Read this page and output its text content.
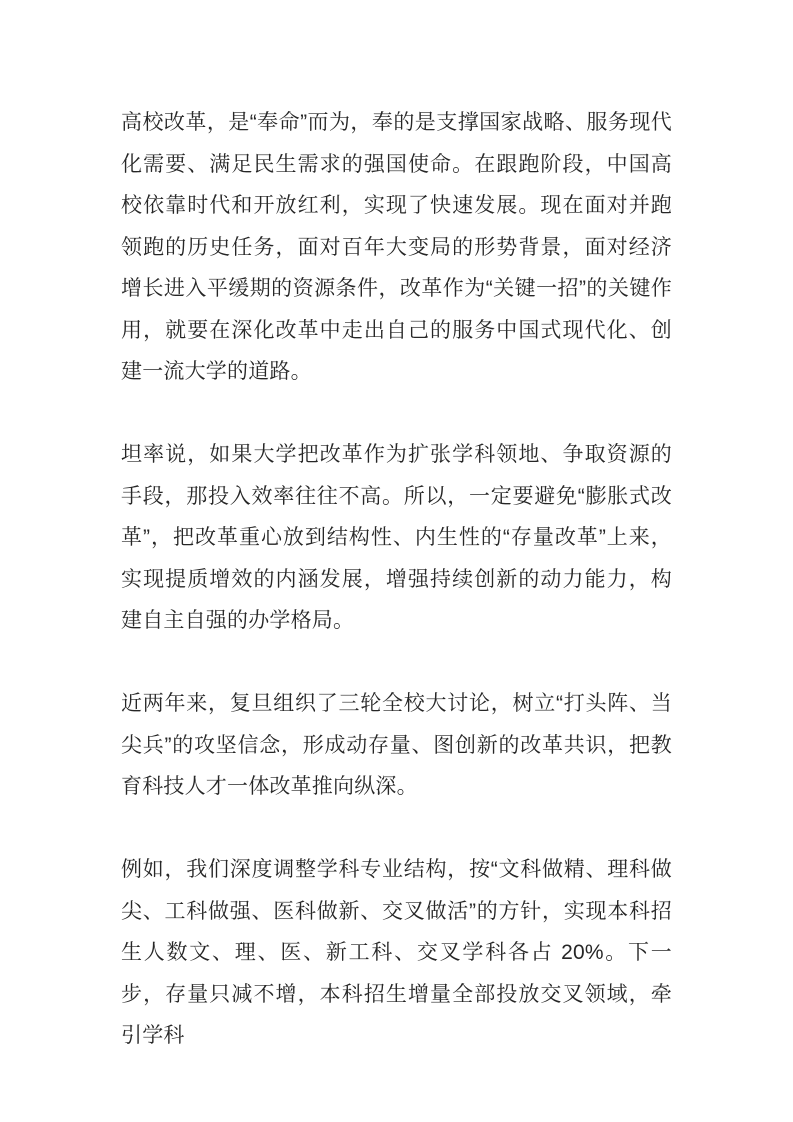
高校改革，是“奉命”而为，奉的是支撑国家战略、服务现代化需要、满足民生需求的强国使命。在跟跑阶段，中国高校依靠时代和开放红利，实现了快速发展。现在面对并跑领跑的历史任务，面对百年大变局的形势背景，面对经济增长进入平缓期的资源条件，改革作为“关键一招”的关键作用，就要在深化改革中走出自己的服务中国式现代化、创建一流大学的道路。

坦率说，如果大学把改革作为扩张学科领地、争取资源的手段，那投入效率往往不高。所以，一定要避免“膨胀式改革”，把改革重心放到结构性、内生性的“存量改革”上来，实现提质增效的内涵发展，增强持续创新的动力能力，构建自主自强的办学格局。

近两年来，复旦组织了三轮全校大讨论，树立“打头阵、当尖兵”的攻坚信念，形成动存量、图创新的改革共识，把教育科技人才一体改革推向纵深。

例如，我们深度调整学科专业结构，按“文科做精、理科做尖、工科做强、医科做新、交叉做活”的方针，实现本科招生人数文、理、医、新工科、交叉学科各占 20%。下一步，存量只减不增，本科招生增量全部投放交叉领域，牵引学科
